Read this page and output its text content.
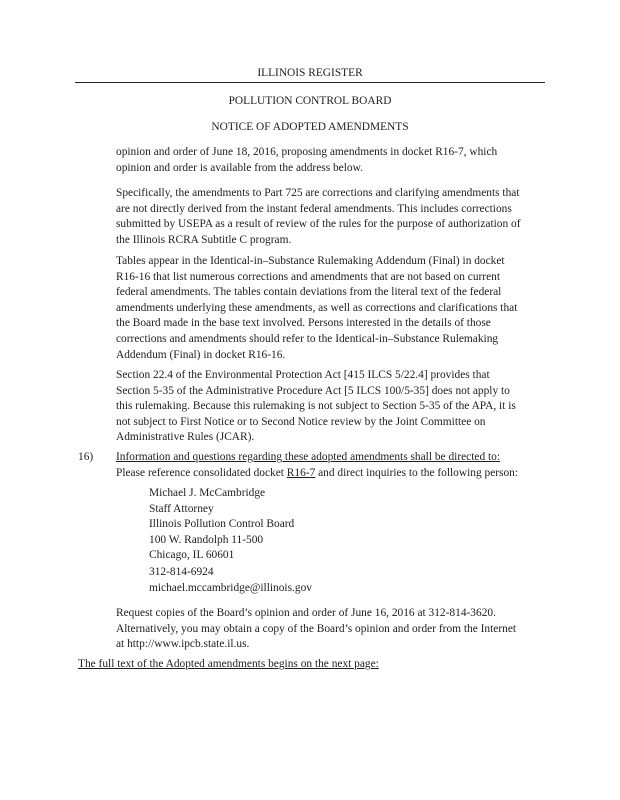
ILLINOIS REGISTER
POLLUTION CONTROL BOARD
NOTICE OF ADOPTED AMENDMENTS
opinion and order of June 18, 2016, proposing amendments in docket R16-7, which
opinion and order is available from the address below.
Specifically, the amendments to Part 725 are corrections and clarifying amendments that
are not directly derived from the instant federal amendments. This includes corrections
submitted by USEPA as a result of review of the rules for the purpose of authorization of
the Illinois RCRA Subtitle C program.
Tables appear in the Identical-in–Substance Rulemaking Addendum (Final) in docket
R16-16 that list numerous corrections and amendments that are not based on current
federal amendments. The tables contain deviations from the literal text of the federal
amendments underlying these amendments, as well as corrections and clarifications that
the Board made in the base text involved. Persons interested in the details of those
corrections and amendments should refer to the Identical-in–Substance Rulemaking
Addendum (Final) in docket R16-16.
Section 22.4 of the Environmental Protection Act [415 ILCS 5/22.4] provides that
Section 5-35 of the Administrative Procedure Act [5 ILCS 100/5-35] does not apply to
this rulemaking. Because this rulemaking is not subject to Section 5-35 of the APA, it is
not subject to First Notice or to Second Notice review by the Joint Committee on
Administrative Rules (JCAR).
16) Information and questions regarding these adopted amendments shall be directed to:
Please reference consolidated docket R16-7 and direct inquiries to the following person:
Michael J. McCambridge
Staff Attorney
Illinois Pollution Control Board
100 W. Randolph 11-500
Chicago, IL 60601
312-814-6924
michael.mccambridge@illinois.gov
Request copies of the Board’s opinion and order of June 16, 2016 at 312-814-3620.
Alternatively, you may obtain a copy of the Board’s opinion and order from the Internet
at http://www.ipcb.state.il.us.
The full text of the Adopted amendments begins on the next page:
